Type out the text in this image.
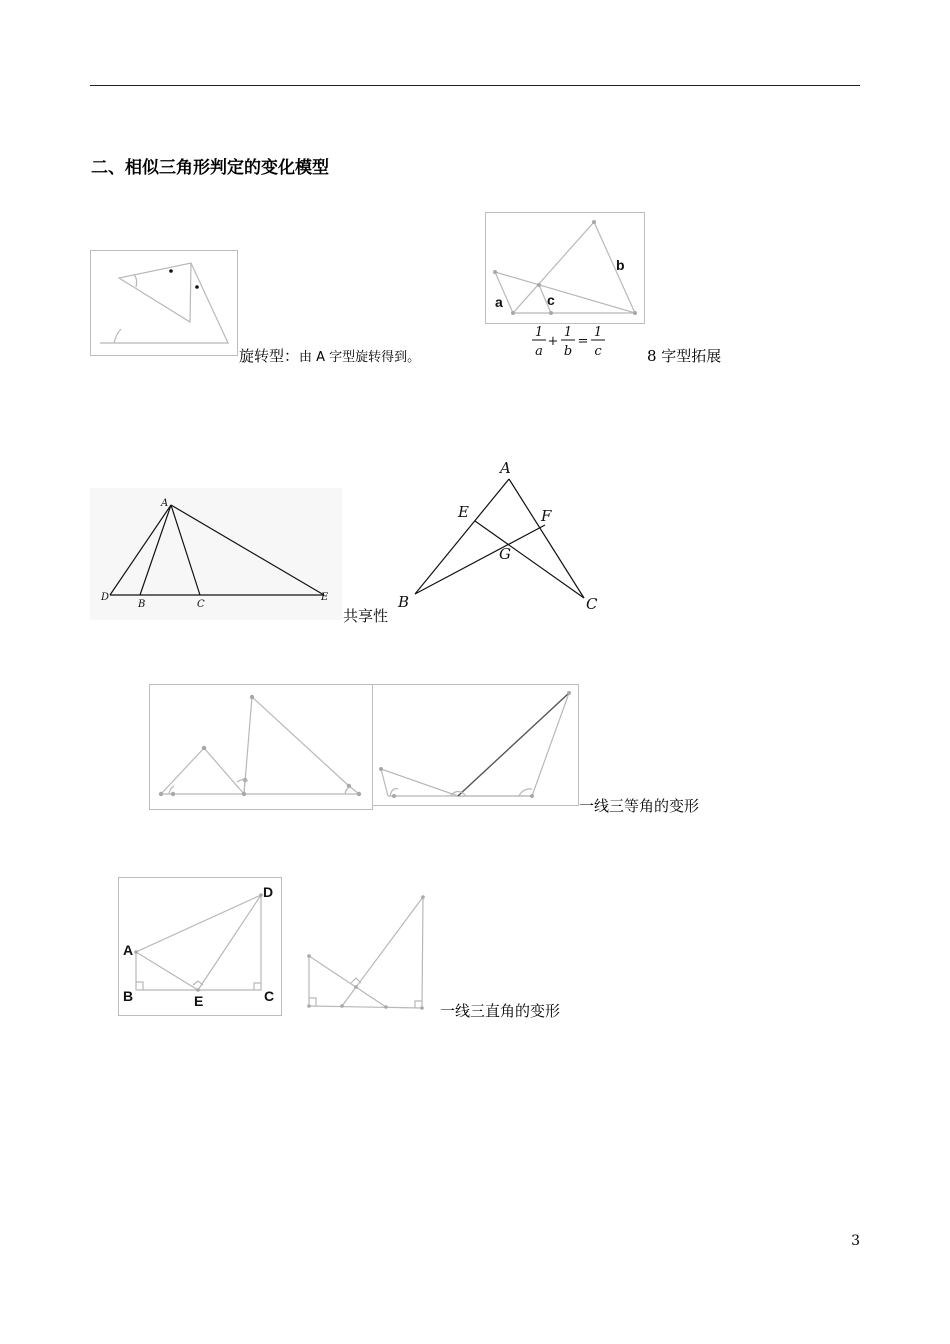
二、相似三角形判定的变化模型
旋转型：由 A 字型旋转得到。
a	c
b
1
a
+
1
b
=
1
c	8 字型拓展
A
D
B	C
E
共享性
A
E	F
G
B	C
一线三等角的变形
A
B	E	C
D
一线三直角的变形
3
